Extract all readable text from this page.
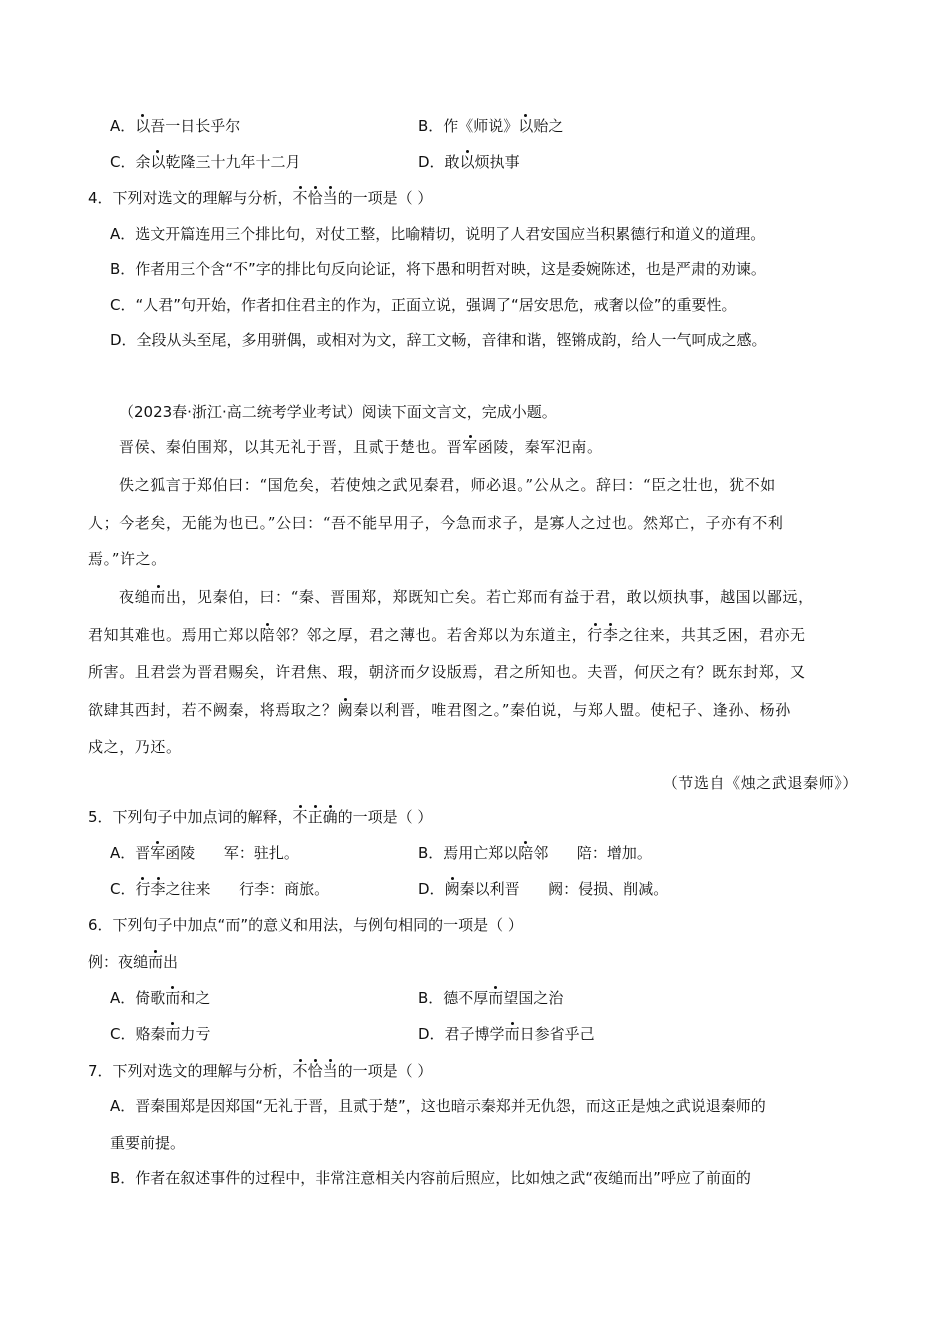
A．以吾一日长乎尔	B．作《师说》以贻之
C．余以乾隆三十九年十二月	D．敢以烦执事
4．下列对选文的理解与分析，不恰当的一项是（ ）
A．选文开篇连用三个排比句，对仗工整，比喻精切，说明了人君安国应当积累德行和道义的道理。
B．作者用三个含“不”字的排比句反向论证，将下愚和明哲对映，这是委婉陈述，也是严肃的劝谏。
C．“人君”句开始，作者扣住君主的作为，正面立说，强调了“居安思危，戒奢以俭”的重要性。
D．全段从头至尾，多用骈偶，或相对为文，辞工文畅，音律和谐，铿锵成韵，给人一气呵成之感。
（2023春·浙江·高二统考学业考试）阅读下面文言文，完成小题。
晋侯、秦伯围郑，以其无礼于晋，且贰于楚也。晋军函陵，秦军氾南。
佚之狐言于郑伯曰：“国危矣，若使烛之武见秦君，师必退。”公从之。辞曰：“臣之壮也，犹不如
人；今老矣，无能为也已。”公曰：“吾不能早用子，今急而求子，是寡人之过也。然郑亡，子亦有不利
焉。”许之。
夜缒而出，见秦伯，曰：“秦、晋围郑，郑既知亡矣。若亡郑而有益于君，敢以烦执事，越国以鄙远，
君知其难也。焉用亡郑以陪邻？邻之厚，君之薄也。若舍郑以为东道主，行李之往来，共其乏困，君亦无
所害。且君尝为晋君赐矣，许君焦、瑕，朝济而夕设版焉，君之所知也。夫晋，何厌之有？既东封郑，又
欲肆其西封，若不阙秦，将焉取之？阙秦以利晋，唯君图之。”秦伯说，与郑人盟。使杞子、逢孙、杨孙
戍之，乃还。
（节选自《烛之武退秦师》）
5．下列句子中加点词的解释，不正确的一项是（ ）
A．晋军函陵      军：驻扎。	B．焉用亡郑以陪邻      陪：增加。
C．行李之往来      行李：商旅。	D．阙秦以利晋      阙：侵损、削减。
6．下列句子中加点“而”的意义和用法，与例句相同的一项是（ ）
例：夜缒而出
A．倚歌而和之	B．德不厚而望国之治
C．赂秦而力亏	D．君子博学而日参省乎己
7．下列对选文的理解与分析，不恰当的一项是（ ）
A．晋秦围郑是因郑国“无礼于晋，且贰于楚”，这也暗示秦郑并无仇怨，而这正是烛之武说退秦师的
重要前提。
B．作者在叙述事件的过程中，非常注意相关内容前后照应，比如烛之武“夜缒而出”呼应了前面的
